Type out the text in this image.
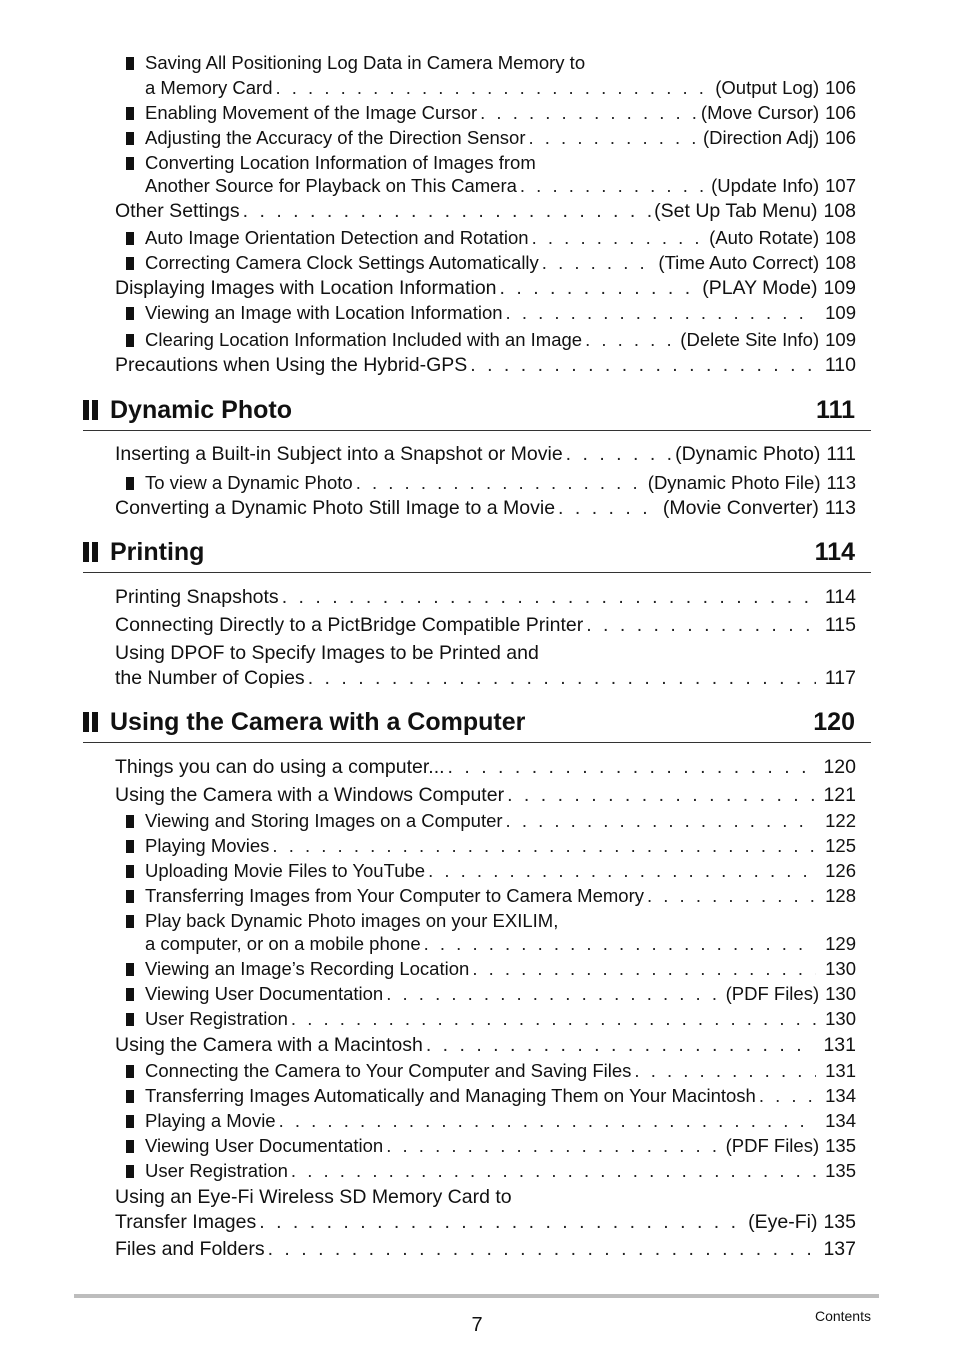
Saving All Positioning Log Data in Camera Memory to
a Memory Card . . .	(Output Log) 106
Enabling Movement of the Image Cursor . . .	(Move Cursor) 106
Adjusting the Accuracy of the Direction Sensor . . .	(Direction Adj) 106
Converting Location Information of Images from
Another Source for Playback on This Camera . . .	(Update Info) 107
Other Settings . . .	(Set Up Tab Menu) 108
Auto Image Orientation Detection and Rotation . . .	(Auto Rotate) 108
Correcting Camera Clock Settings Automatically . . .	(Time Auto Correct) 108
Displaying Images with Location Information . . .	(PLAY Mode) 109
Viewing an Image with Location Information . . .	109
Clearing Location Information Included with an Image . . .	(Delete Site Info) 109
Precautions when Using the Hybrid-GPS . . .	110
Dynamic Photo	111
Inserting a Built-in Subject into a Snapshot or Movie . . .	(Dynamic Photo) 111
To view a Dynamic Photo . . .	(Dynamic Photo File) 113
Converting a Dynamic Photo Still Image to a Movie . . .	(Movie Converter) 113
Printing	114
Printing Snapshots . . .	114
Connecting Directly to a PictBridge Compatible Printer . . .	115
Using DPOF to Specify Images to be Printed and
the Number of Copies . . .	117
Using the Camera with a Computer	120
Things you can do using a computer... . . .	120
Using the Camera with a Windows Computer . . .	121
Viewing and Storing Images on a Computer . . .	122
Playing Movies . . .	125
Uploading Movie Files to YouTube . . .	126
Transferring Images from Your Computer to Camera Memory . . .	128
Play back Dynamic Photo images on your EXILIM,
a computer, or on a mobile phone . . .	129
Viewing an Image’s Recording Location . . .	130
Viewing User Documentation . . .	(PDF Files) 130
User Registration . . .	130
Using the Camera with a Macintosh . . .	131
Connecting the Camera to Your Computer and Saving Files . . .	131
Transferring Images Automatically and Managing Them on Your Macintosh . . .	134
Playing a Movie . . .	134
Viewing User Documentation . . .	(PDF Files) 135
User Registration . . .	135
Using an Eye-Fi Wireless SD Memory Card to
Transfer Images . . .	(Eye-Fi) 135
Files and Folders . . .	137
7	Contents
